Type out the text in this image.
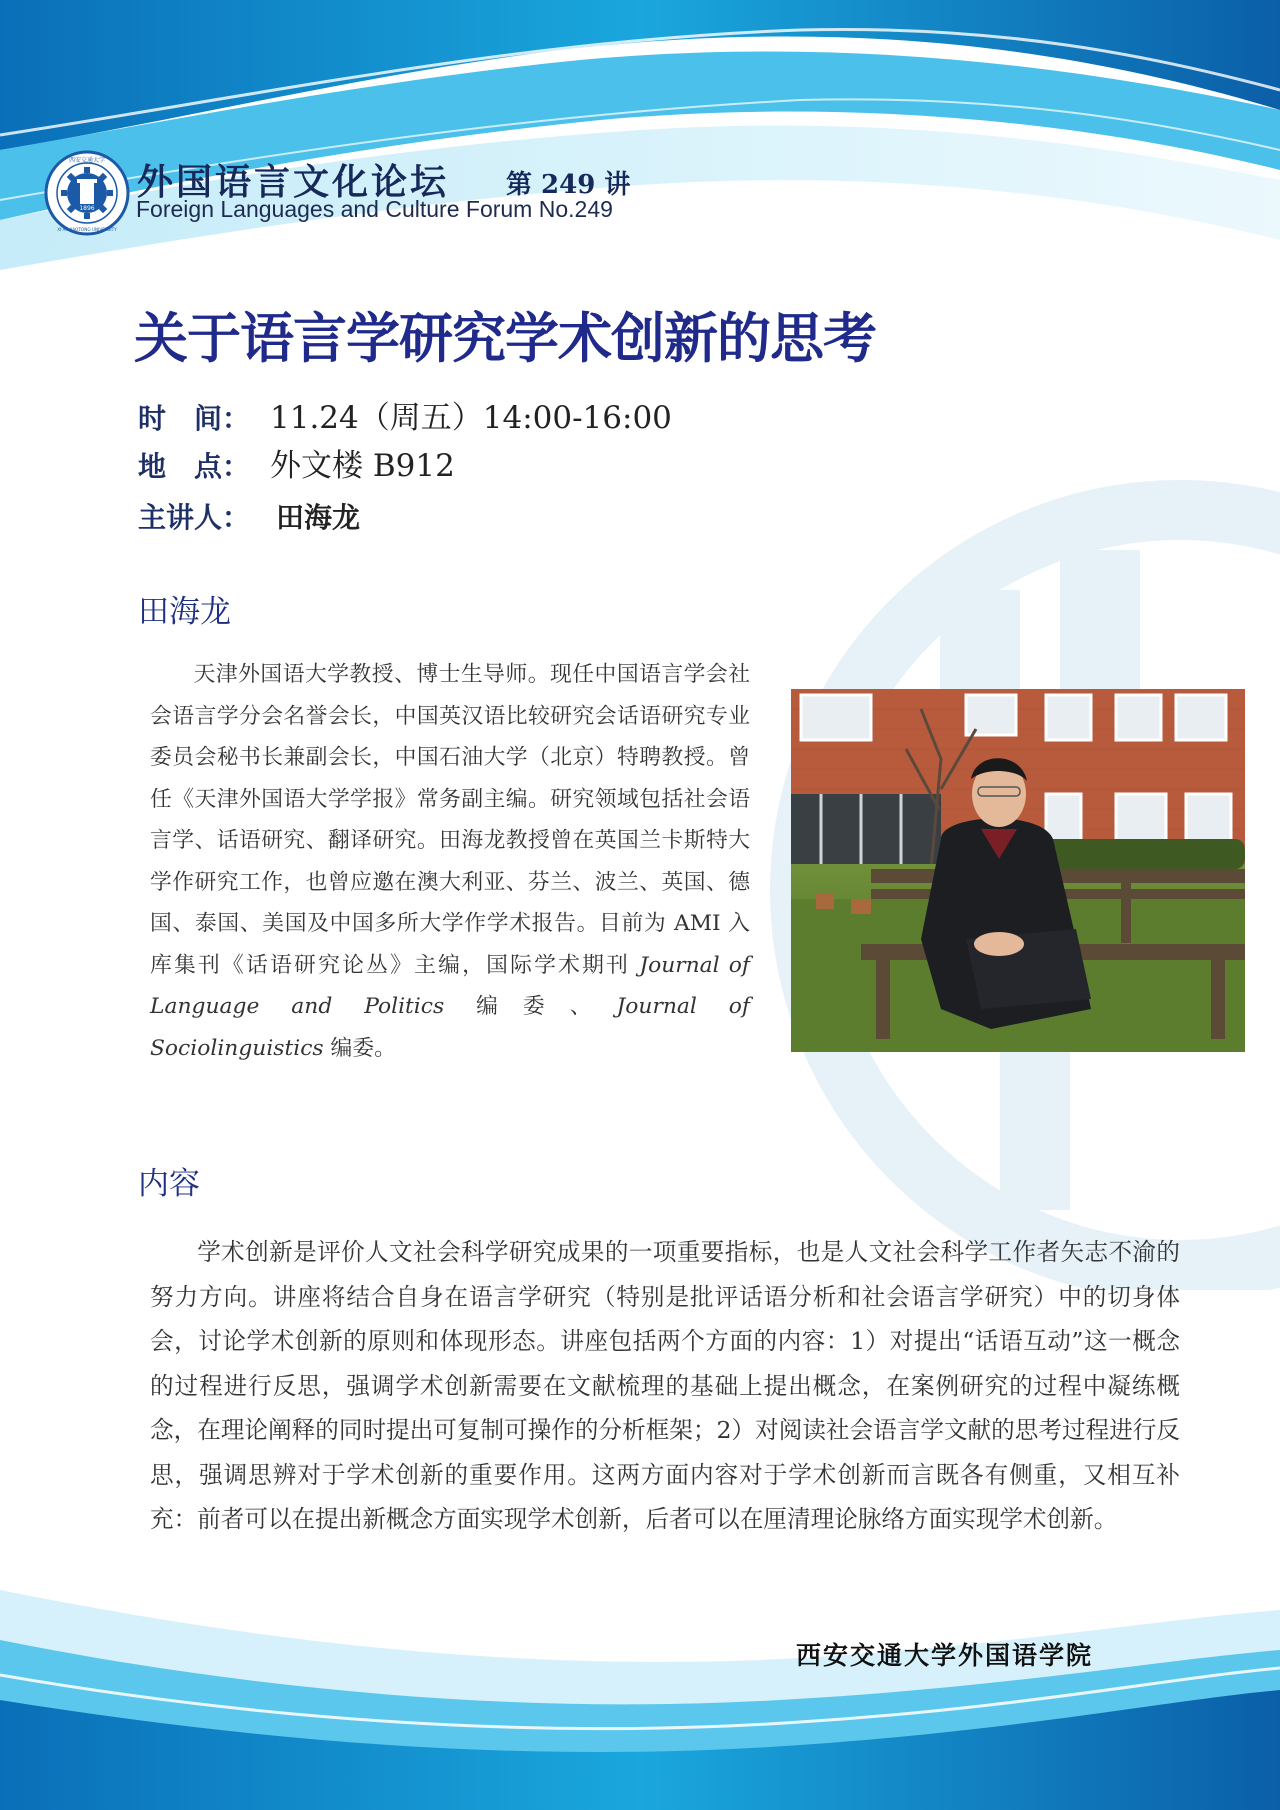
1896
西安交通大学
XI'AN JIAOTONG UNIVERSITY
外国语言文化论坛 第 249 讲
Foreign Languages and Culture Forum No.249
关于语言学研究学术创新的思考
时　间： 11.24（周五）14:00-16:00
地　点： 外文楼 B912
主讲人： 田海龙
田海龙
天津外国语大学教授、博士生导师。现任中国语言学会社会语言学分会名誉会长，中国英汉语比较研究会话语研究专业委员会秘书长兼副会长，中国石油大学（北京）特聘教授。曾任《天津外国语大学学报》常务副主编。研究领域包括社会语言学、话语研究、翻译研究。田海龙教授曾在英国兰卡斯特大学作研究工作，也曾应邀在澳大利亚、芬兰、波兰、英国、德国、泰国、美国及中国多所大学作学术报告。目前为 AMI 入库集刊《话语研究论丛》主编，国际学术期刊 Journal of Language and Politics 编委、Journal of Sociolinguistics 编委。
内容
学术创新是评价人文社会科学研究成果的一项重要指标，也是人文社会科学工作者矢志不渝的努力方向。讲座将结合自身在语言学研究（特别是批评话语分析和社会语言学研究）中的切身体会，讨论学术创新的原则和体现形态。讲座包括两个方面的内容：1）对提出“话语互动”这一概念的过程进行反思，强调学术创新需要在文献梳理的基础上提出概念，在案例研究的过程中凝练概念，在理论阐释的同时提出可复制可操作的分析框架；2）对阅读社会语言学文献的思考过程进行反思，强调思辨对于学术创新的重要作用。这两方面内容对于学术创新而言既各有侧重，又相互补充：前者可以在提出新概念方面实现学术创新，后者可以在厘清理论脉络方面实现学术创新。
西安交通大学外国语学院
